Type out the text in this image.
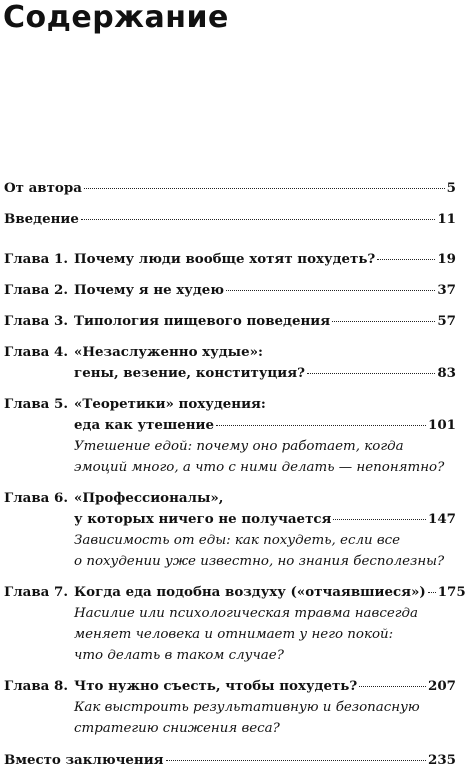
Содержание
От автора	5
Введение	11
Глава 1. Почему люди вообще хотят похудеть?	19
Глава 2. Почему я не худею	37
Глава 3. Типология пищевого поведения	57
Глава 4. «Незаслуженно худые»:
гены, везение, конституция?	83
Глава 5. «Теоретики» похудения:
еда как утешение	101
Утешение едой: почему оно работает, когда
эмоций много, а что с ними делать — непонятно?
Глава 6. «Профессионалы»,
у которых ничего не получается	147
Зависимость от еды: как похудеть, если все
о похудении уже известно, но знания бесполезны?
Глава 7. Когда еда подобна воздуху («отчаявшиеся») 175
Насилие или психологическая травма навсегда
меняет человека и отнимает у него покой:
что делать в таком случае?
Глава 8. Что нужно съесть, чтобы похудеть?	207
Как выстроить результативную и безопасную
стратегию снижения веса?
Вместо заключения	235
